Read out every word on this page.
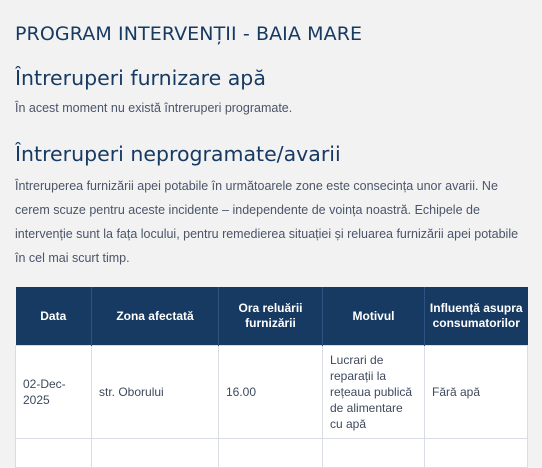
PROGRAM INTERVENȚII - BAIA MARE
Întreruperi furnizare apă

În acest moment nu există întreruperi programate.

Întreruperi neprogramate/avarii

Întreruperea furnizării apei potabile în următoarele zone este consecința unor avarii. Ne cerem scuze pentru aceste incidente – independente de voința noastră. Echipele de intervenție sunt la fața locului, pentru remedierea situației și reluarea furnizării apei potabile în cel mai scurt timp.

Data	Zona afectată	Ora reluării furnizării	Motivul	Influență asupra consumatorilor
02-Dec-2025	str. Oborului	16.00	Lucrari de reparații la rețeaua publică de alimentare cu apă	Fără apă
